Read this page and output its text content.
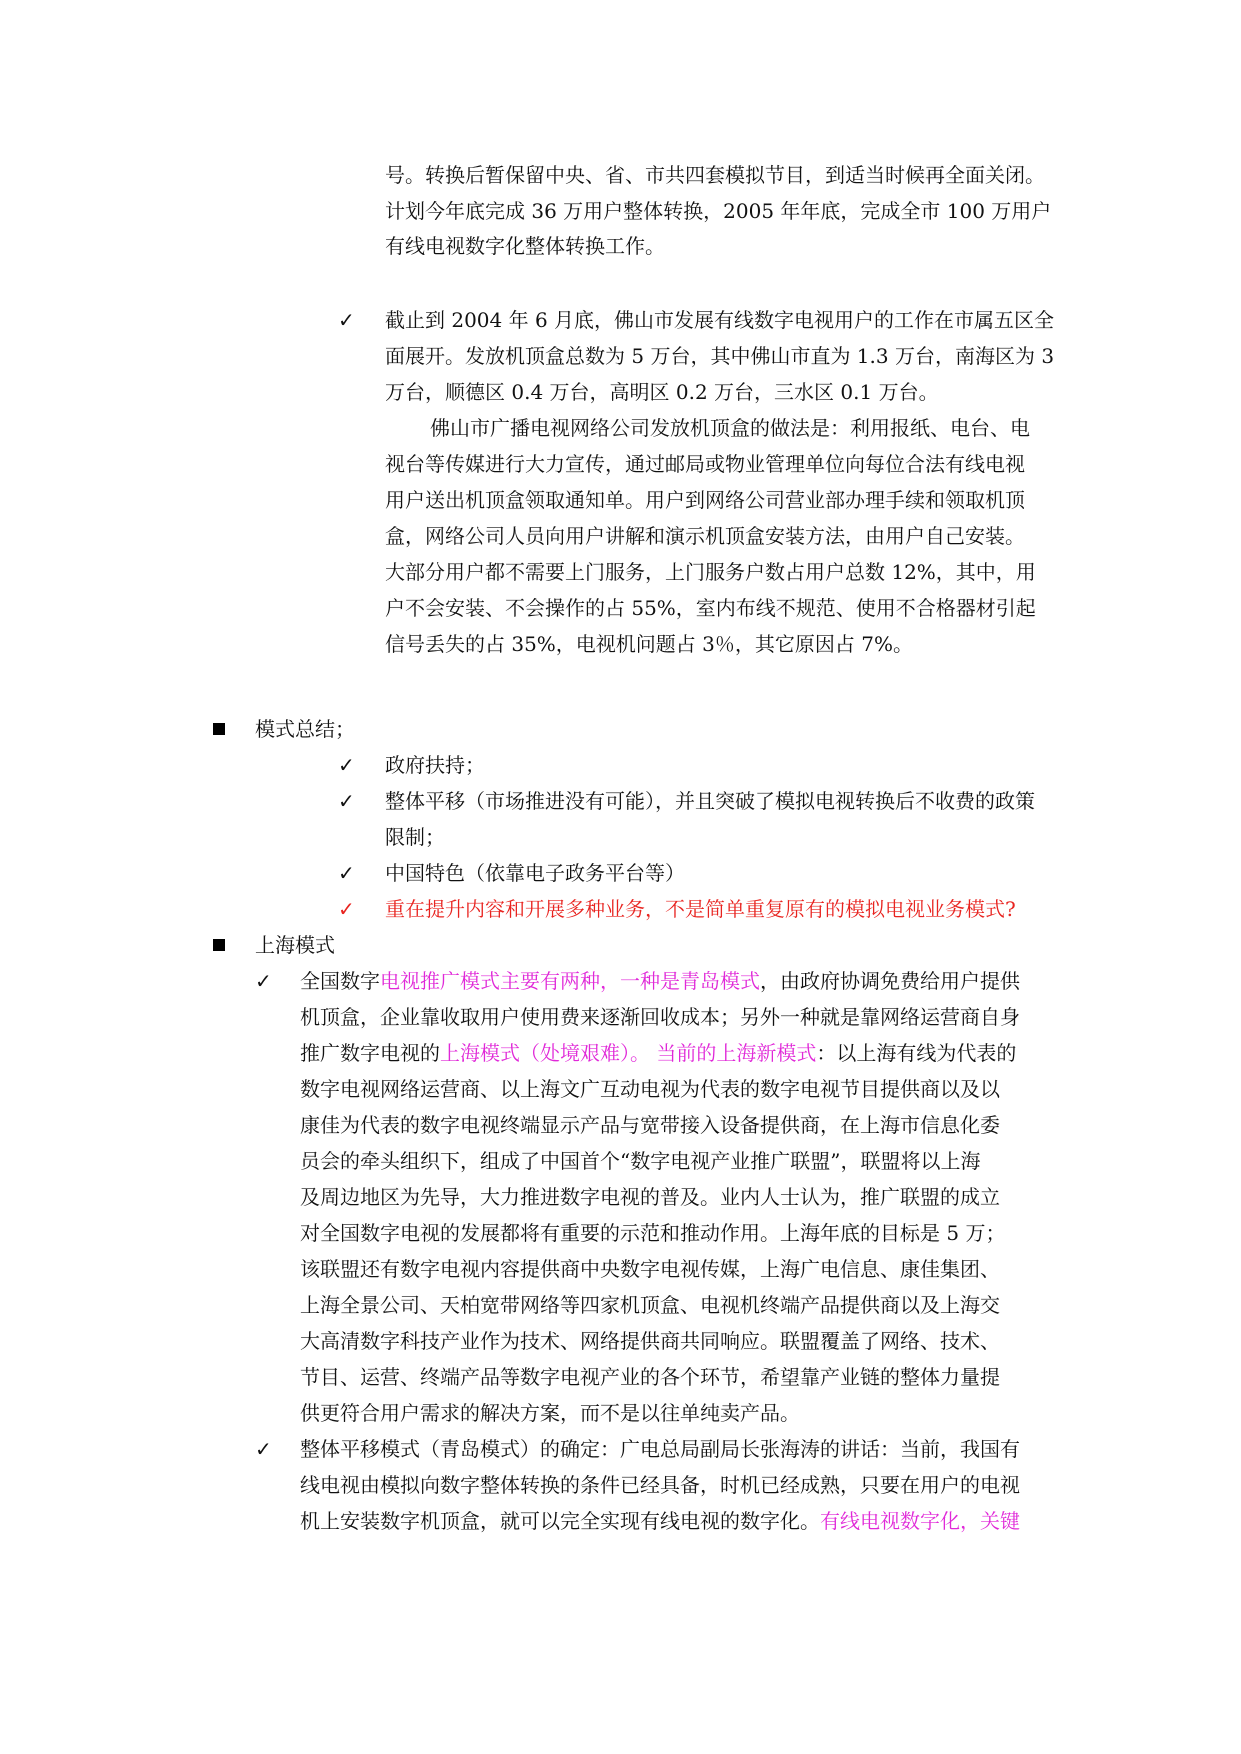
号。转换后暂保留中央、省、市共四套模拟节目，到适当时候再全面关闭。
计划今年底完成 36 万用户整体转换，2005 年年底，完成全市 100 万用户
有线电视数字化整体转换工作。
✓ 截止到 2004 年 6 月底，佛山市发展有线数字电视用户的工作在市属五区全
面展开。发放机顶盒总数为 5 万台，其中佛山市直为 1.3 万台，南海区为 3
万台，顺德区 0.4 万台，高明区 0.2 万台，三水区 0.1 万台。
佛山市广播电视网络公司发放机顶盒的做法是：利用报纸、电台、电
视台等传媒进行大力宣传，通过邮局或物业管理单位向每位合法有线电视
用户送出机顶盒领取通知单。用户到网络公司营业部办理手续和领取机顶
盒，网络公司人员向用户讲解和演示机顶盒安装方法，由用户自己安装。
大部分用户都不需要上门服务，上门服务户数占用户总数 12%，其中，用
户不会安装、不会操作的占 55%，室内布线不规范、使用不合格器材引起
信号丢失的占 35%，电视机问题占 3％，其它原因占 7%。
模式总结；
✓ 政府扶持；
✓ 整体平移（市场推进没有可能），并且突破了模拟电视转换后不收费的政策
限制；
✓ 中国特色（依靠电子政务平台等）
✓ 重在提升内容和开展多种业务，不是简单重复原有的模拟电视业务模式?
上海模式
✓ 全国数字电视推广模式主要有两种，一种是青岛模式，由政府协调免费给用户提供
机顶盒，企业靠收取用户使用费来逐渐回收成本；另外一种就是靠网络运营商自身
推广数字电视的上海模式（处境艰难）。 当前的上海新模式：以上海有线为代表的
数字电视网络运营商、以上海文广互动电视为代表的数字电视节目提供商以及以
康佳为代表的数字电视终端显示产品与宽带接入设备提供商，在上海市信息化委
员会的牵头组织下，组成了中国首个“数字电视产业推广联盟”，联盟将以上海
及周边地区为先导，大力推进数字电视的普及。业内人士认为，推广联盟的成立
对全国数字电视的发展都将有重要的示范和推动作用。上海年底的目标是 5 万；
该联盟还有数字电视内容提供商中央数字电视传媒，上海广电信息、康佳集团、
上海全景公司、天柏宽带网络等四家机顶盒、电视机终端产品提供商以及上海交
大高清数字科技产业作为技术、网络提供商共同响应。联盟覆盖了网络、技术、
节目、运营、终端产品等数字电视产业的各个环节，希望靠产业链的整体力量提
供更符合用户需求的解决方案，而不是以往单纯卖产品。
✓ 整体平移模式（青岛模式）的确定：广电总局副局长张海涛的讲话：当前，我国有
线电视由模拟向数字整体转换的条件已经具备，时机已经成熟，只要在用户的电视
机上安装数字机顶盒，就可以完全实现有线电视的数字化。有线电视数字化，关键
